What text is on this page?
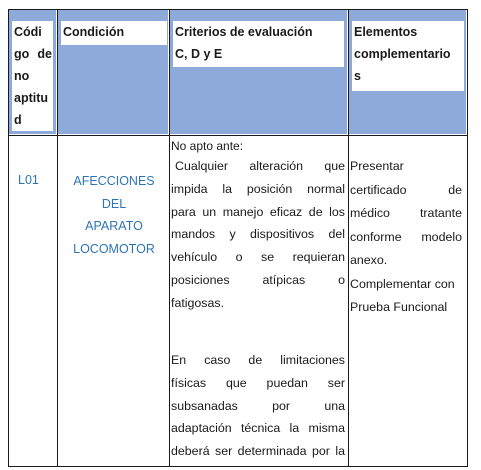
Códi
go de
no
aptitu
d
Condición	Criterios de evaluación
C, D y E
Elementos
complementario
s
L01	AFECCIONES
DEL
APARATO
LOCOMOTOR
No apto ante:
Cualquier alteración que
impida la posición normal
para un manejo eficaz de los
mandos y dispositivos del
vehículo o se requieran
posiciones atípicas o
fatigosas.
En caso de limitaciones
físicas que puedan ser
subsanadas por una
adaptación técnica la misma
deberá ser determinada por la
Presentar
certificado de
médico tratante
conforme modelo
anexo.
Complementar con
Prueba Funcional
